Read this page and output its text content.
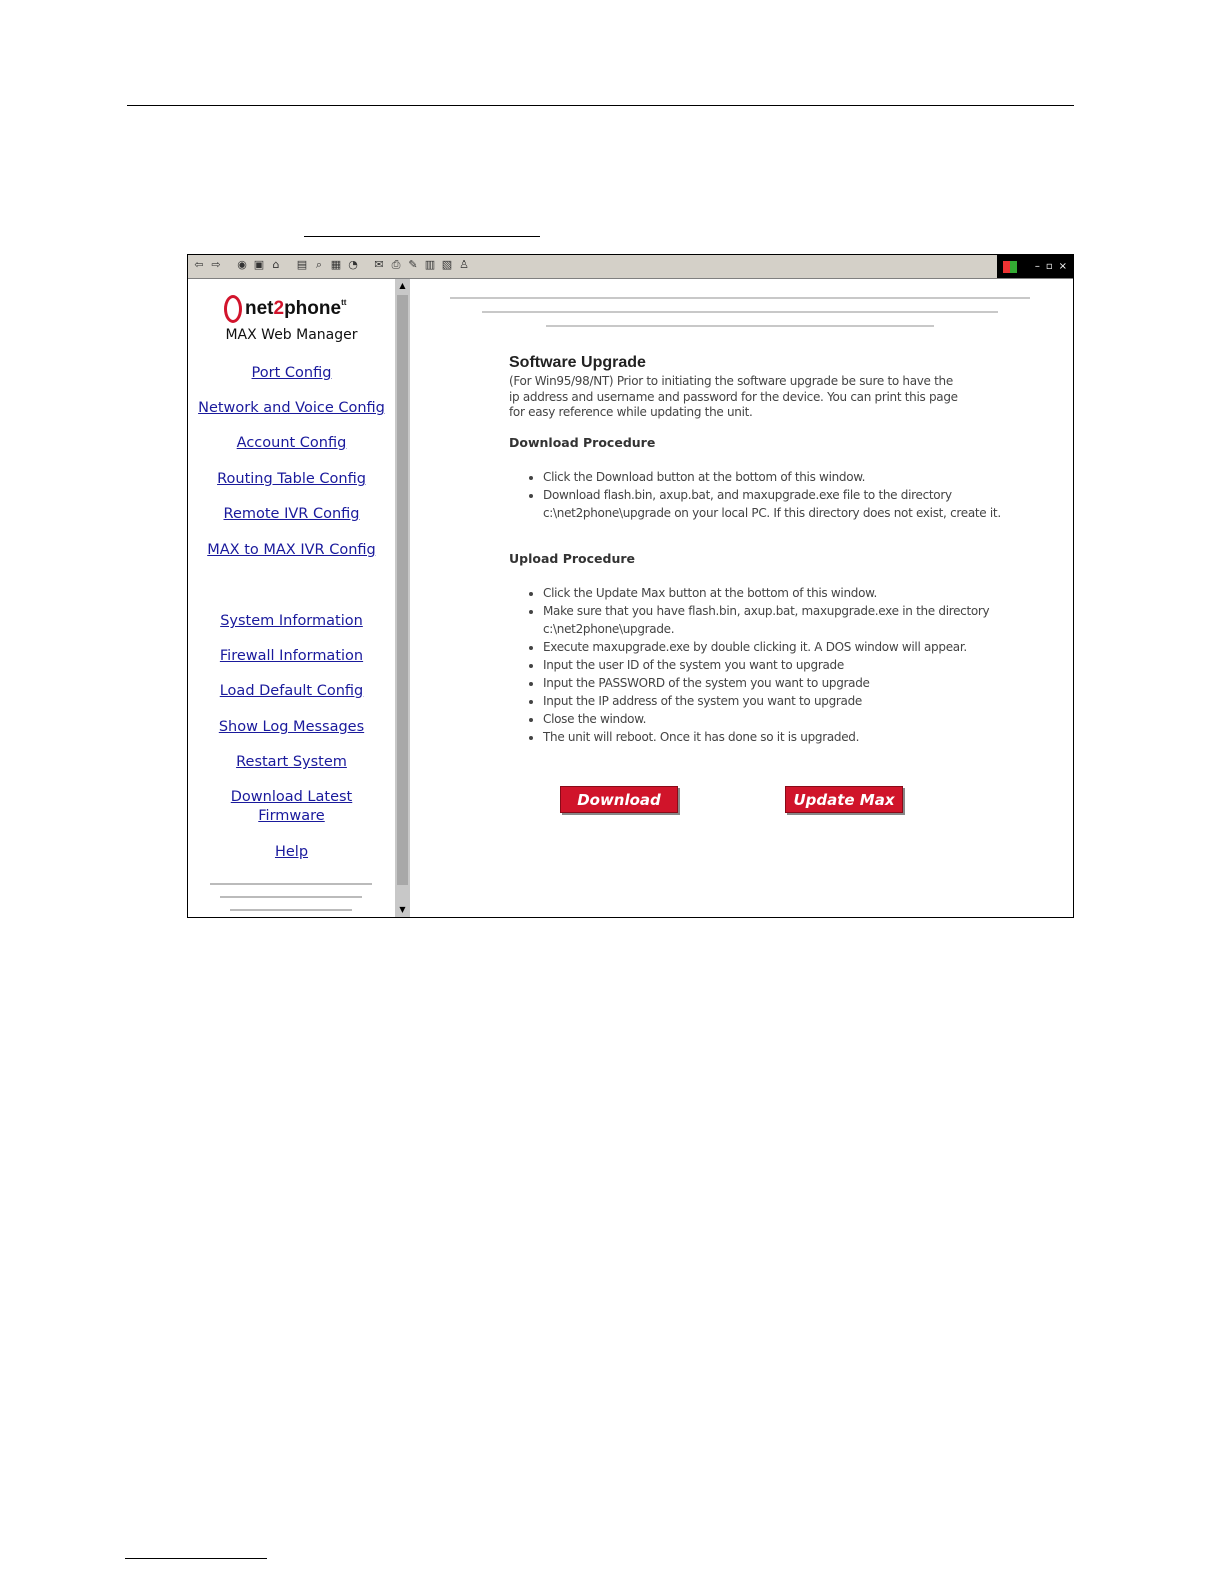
⇦ ⇨ ◉ ▣ ⌂	▤ ⌕ ▦ ◔ ✉ ⎙ ✎ ▥ ▧ ♙	– ▫ ×
net2phone$^{tt}$
MAX Web Manager
Port Config
Network and Voice Config
Account Config
Routing Table Config
Remote IVR Config
MAX to MAX IVR Config
System Information
Firewall Information
Load Default Config
Show Log Messages
Restart System
Download Latest
Firmware
Help
▲
▼
Software Upgrade
(For Win95/98/NT) Prior to initiating the software upgrade be sure to have the ip address and username and password for the device. You can print this page for easy reference while updating the unit.
Download Procedure
• Click the Download button at the bottom of this window.
• Download flash.bin, axup.bat, and maxupgrade.exe file to the directory c:\net2phone\upgrade on your local PC. If this directory does not exist, create it.
Upload Procedure
• Click the Update Max button at the bottom of this window.
• Make sure that you have flash.bin, axup.bat, maxupgrade.exe in the directory c:\net2phone\upgrade.
• Execute maxupgrade.exe by double clicking it. A DOS window will appear.
• Input the user ID of the system you want to upgrade
• Input the PASSWORD of the system you want to upgrade
• Input the IP address of the system you want to upgrade
• Close the window.
• The unit will reboot. Once it has done so it is upgraded.
Download	Update Max
